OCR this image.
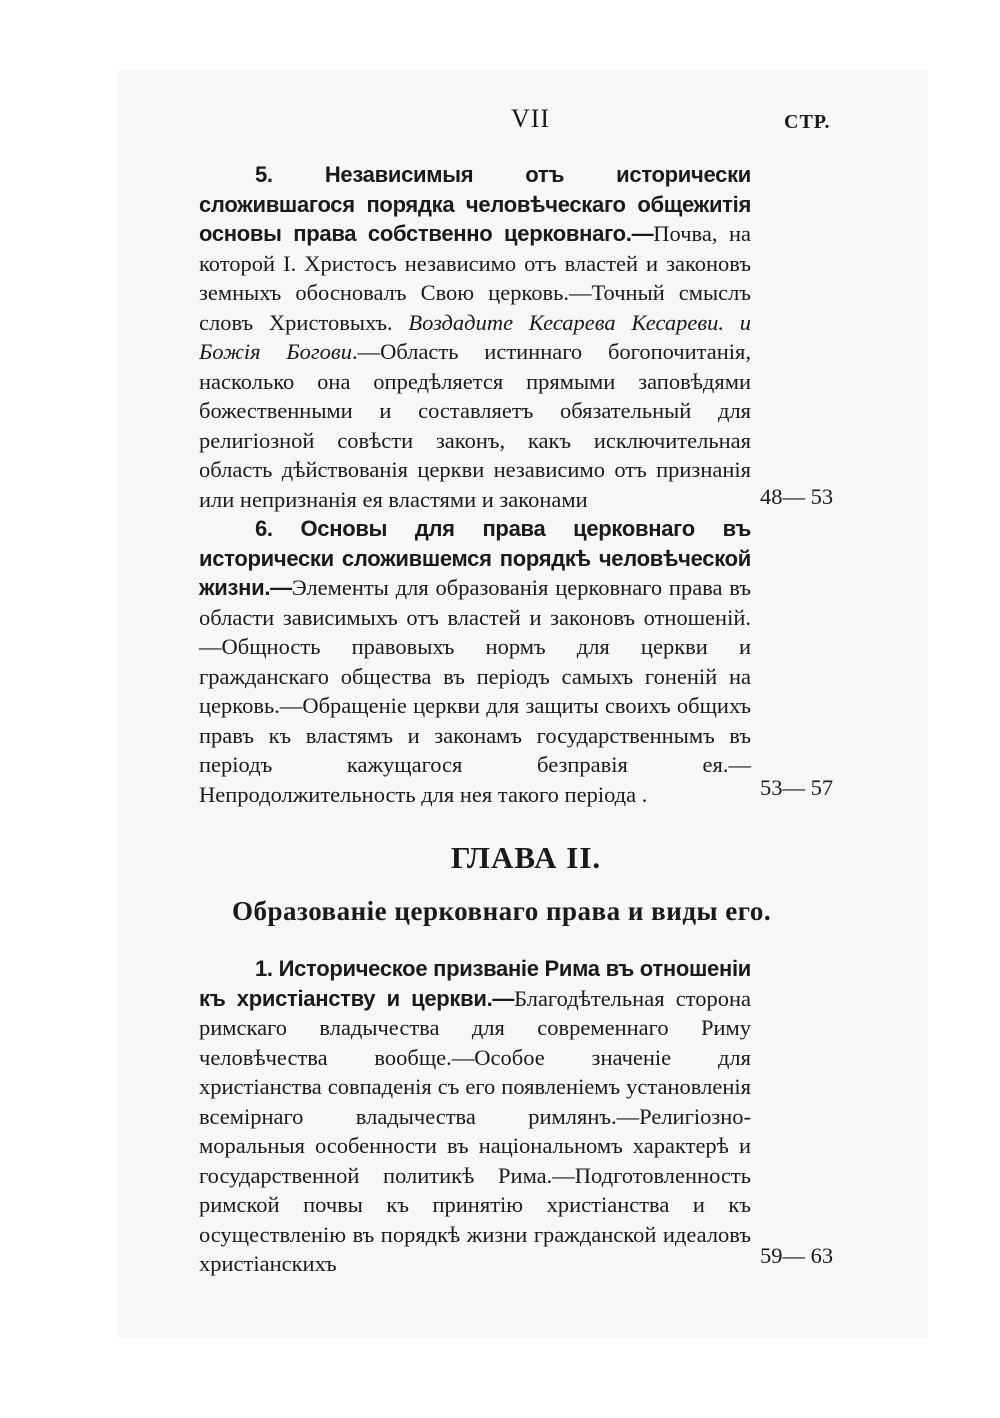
VII	СТР.
5. Независимыя отъ исторически сложившагося порядка человѣческаго общежитія основы права собственно церковнаго.—Почва, на которой I. Христосъ независимо отъ властей и законовъ земныхъ обосновалъ Свою церковь.—Точный смыслъ словъ Христовыхъ. Воздадите Кесарева Кесареви. и Божія Богови.—Область истиннаго богопочитанія, насколько она опредѣляется прямыми заповѣдями божественными и составляетъ обязательный для религіозной совѣсти законъ, какъ исключительная область дѣйствованія церкви независимо отъ признанія или непризнанія ея властями и законами	48— 53
6. Основы для права церковнаго въ исторически сложившемся порядкѣ человѣческой жизни.—Элементы для образованія церковнаго права въ области зависимыхъ отъ властей и законовъ отношеній.—Общность правовыхъ нормъ для церкви и гражданскаго общества въ періодъ самыхъ гоненій на церковь.—Обращеніе церкви для защиты своихъ общихъ правъ къ властямъ и законамъ государственнымъ въ періодъ кажущагося безправія ея.—Непродолжительность для нея такого періода .	53— 57
ГЛАВА II.
Образованіе церковнаго права и виды его.
1. Историческое призваніе Рима въ отношеніи къ христіанству и церкви.—Благодѣтельная сторона римскаго владычества для современнаго Риму человѣчества вообще.—Особое значеніе для христіанства совпаденія съ его появленіемъ установленія всемірнаго владычества римлянъ.—Религіозно-моральныя особенности въ національномъ характерѣ и государственной политикѣ Рима.—Подготовленность римской почвы къ принятію христіанства и къ осуществленію въ порядкѣ жизни гражданской идеаловъ христіанскихъ	59— 63
